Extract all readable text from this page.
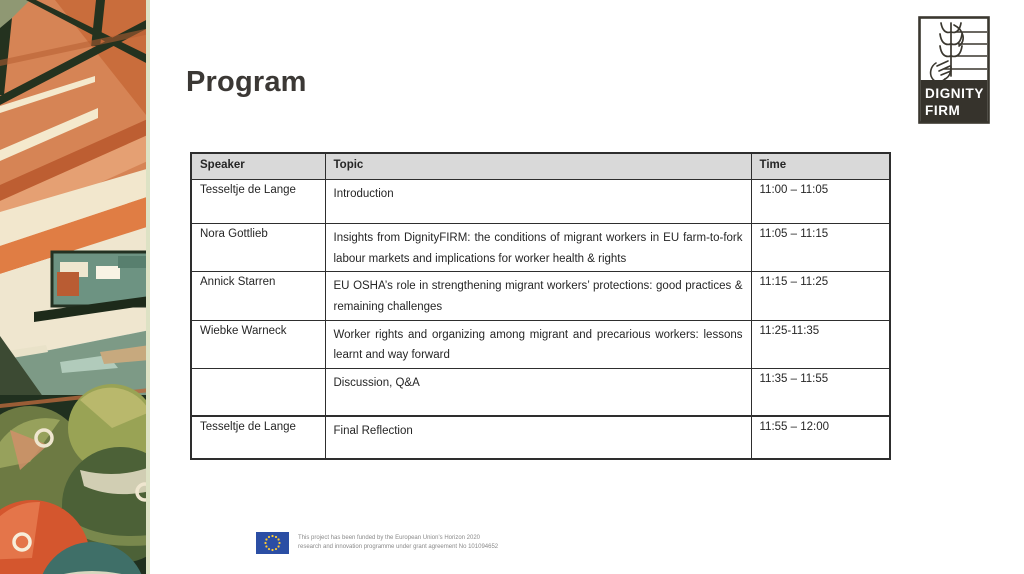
Program	DIGNITY
FIRM
Speaker	Topic	Time
Tesseltje de Lange	Introduction	11:00 – 11:05
Nora Gottlieb	Insights from DignityFIRM: the conditions of migrant workers in EU farm-to-fork labour markets and implications for worker health & rights	11:05 – 11:15
Annick Starren	EU OSHA’s role in strengthening migrant workers’ protections: good practices & remaining challenges	11:15 – 11:25
Wiebke Warneck	Worker rights and organizing among migrant and precarious workers: lessons learnt and way forward	11:25-11:35
	Discussion, Q&A	11:35 – 11:55
Tesseltje de Lange	Final Reflection	11:55 – 12:00
This project has been funded by the European Union’s Horizon 2020
research and innovation programme under grant agreement No 101094652
